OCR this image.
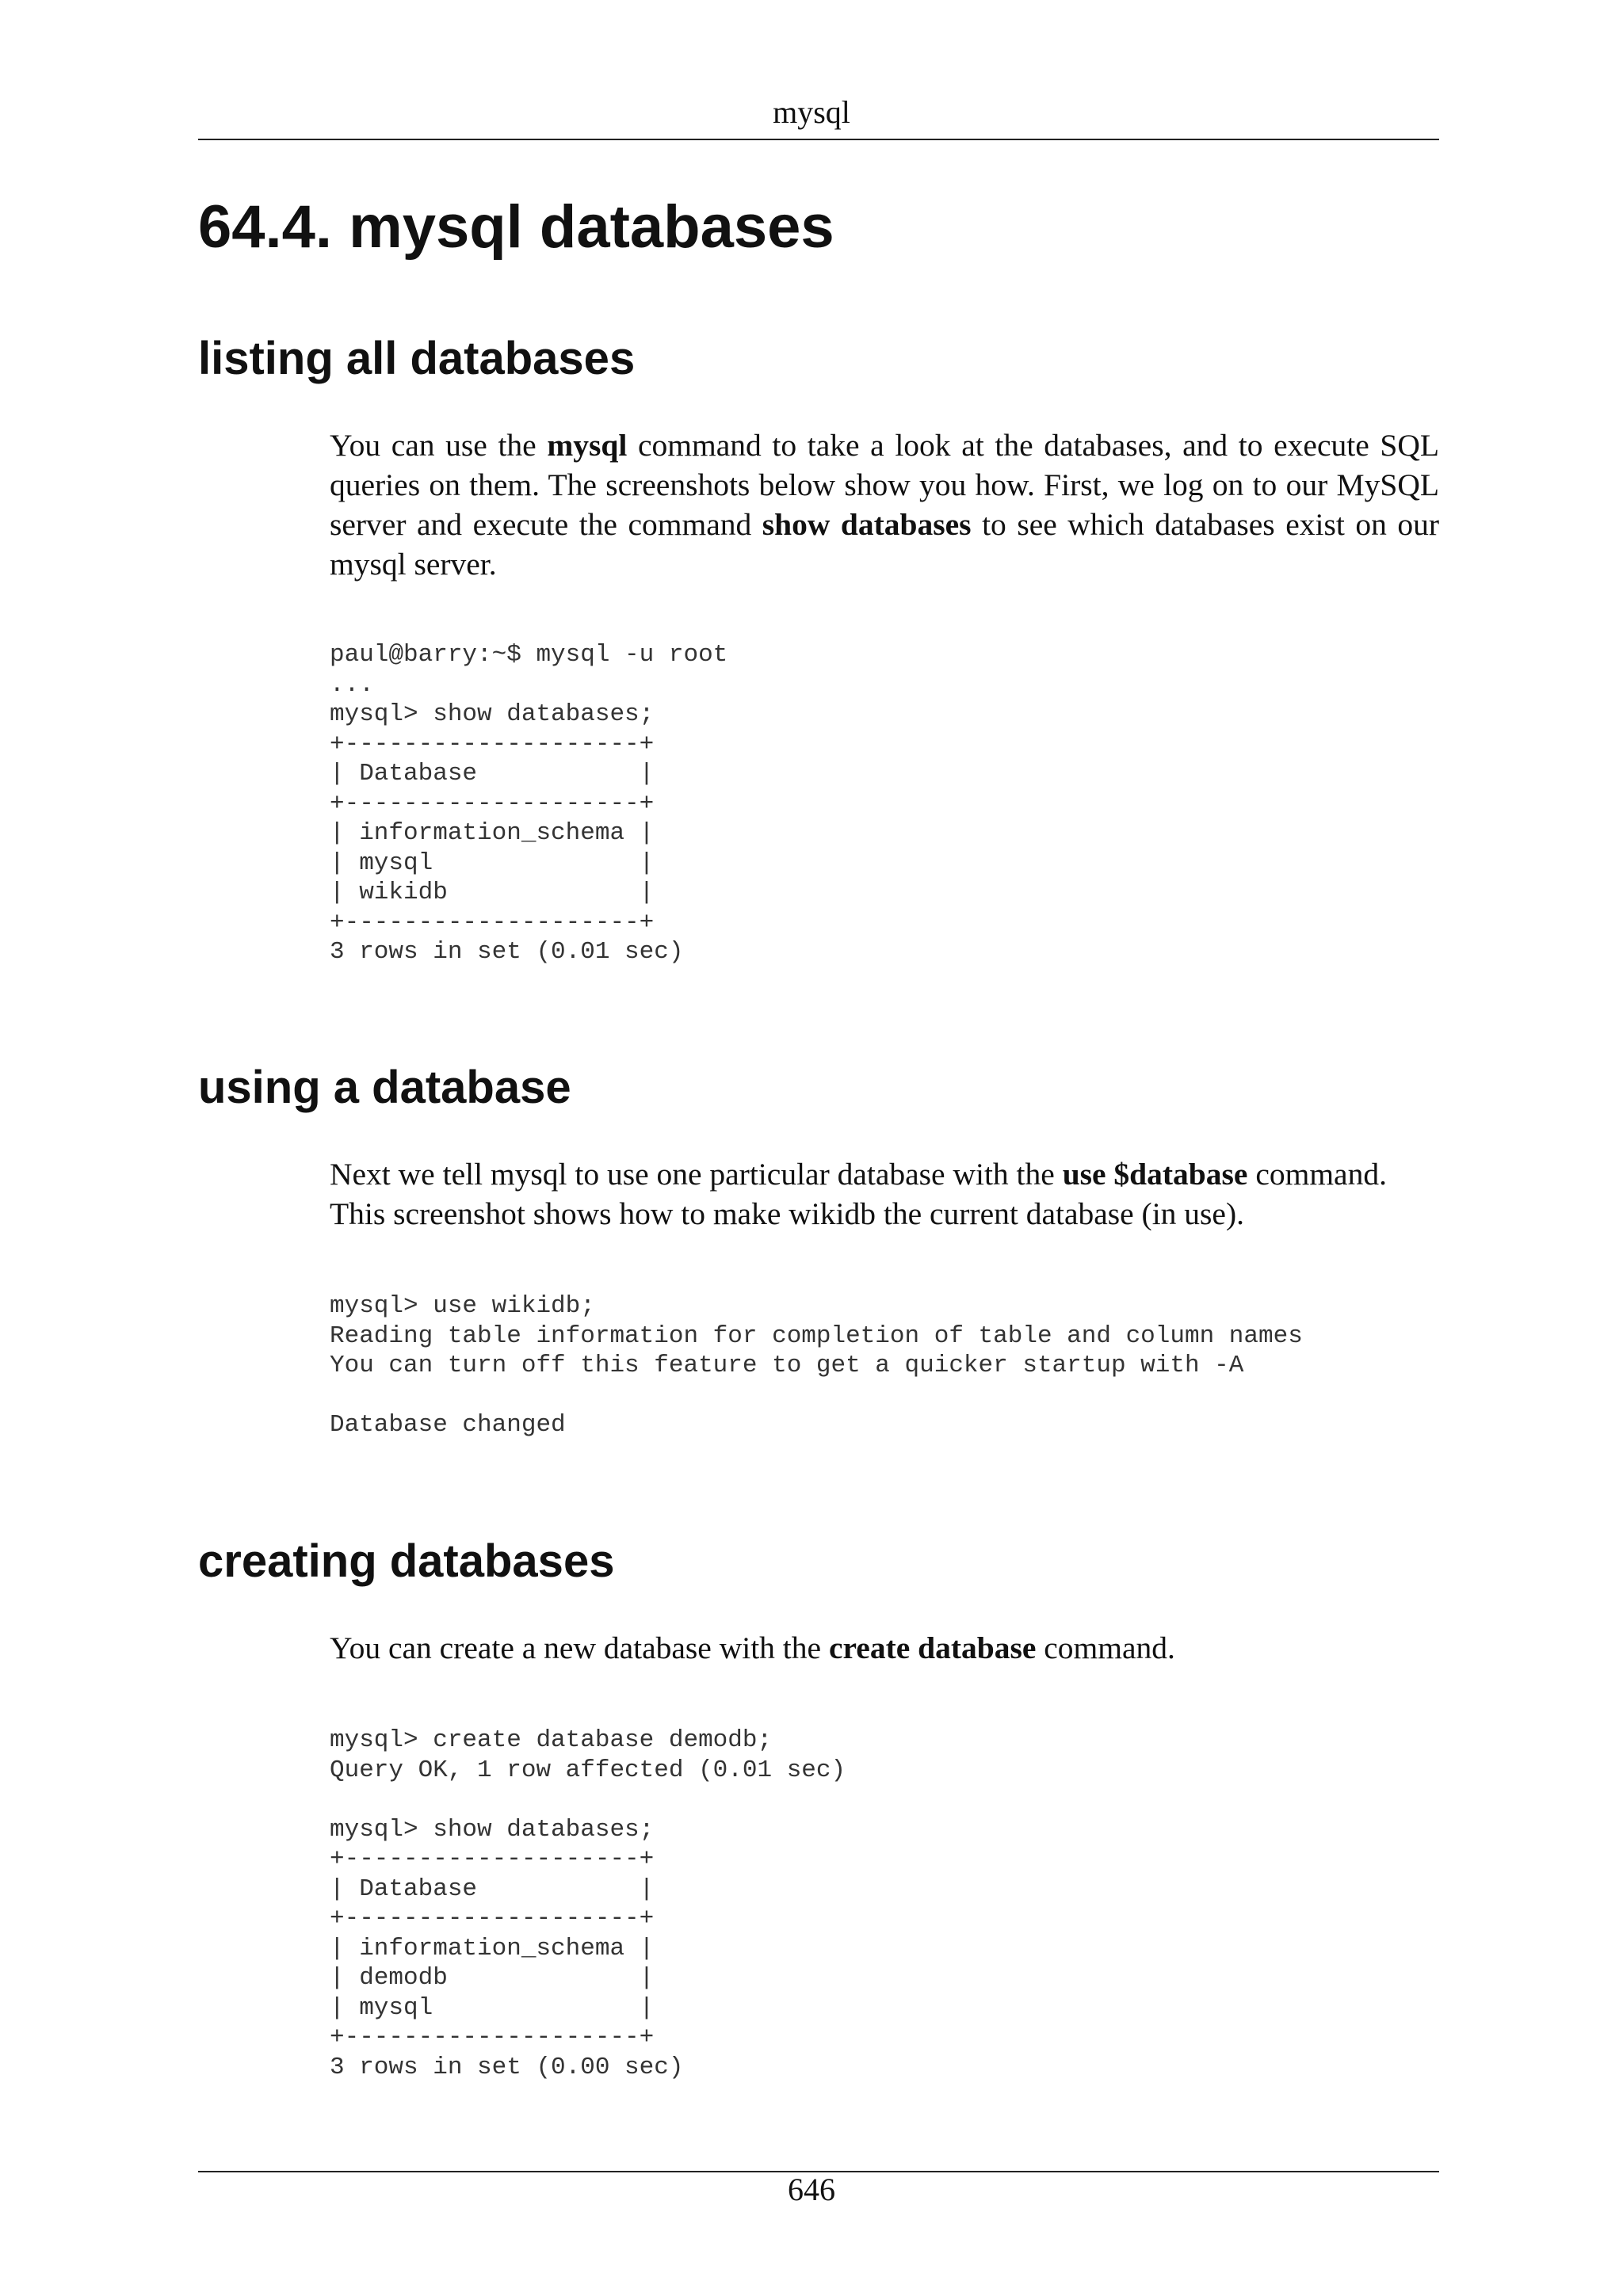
mysql
64.4. mysql databases
listing all databases

You can use the mysql command to take a look at the databases, and to execute SQL queries on them. The screenshots below show you how. First, we log on to our MySQL server and execute the command show databases to see which databases exist on our mysql server.

paul@barry:~$ mysql -u root
...
mysql> show databases;
+--------------------+
| Database           |
+--------------------+
| information_schema |
| mysql              |
| wikidb             |
+--------------------+
3 rows in set (0.01 sec)
using a database

Next we tell mysql to use one particular database with the use $database command. This screenshot shows how to make wikidb the current database (in use).

mysql> use wikidb;
Reading table information for completion of table and column names
You can turn off this feature to get a quicker startup with -A

Database changed
creating databases

You can create a new database with the create database command.

mysql> create database demodb;
Query OK, 1 row affected (0.01 sec)

mysql> show databases;
+--------------------+
| Database           |
+--------------------+
| information_schema |
| demodb             |
| mysql              |
+--------------------+
3 rows in set (0.00 sec)
646
